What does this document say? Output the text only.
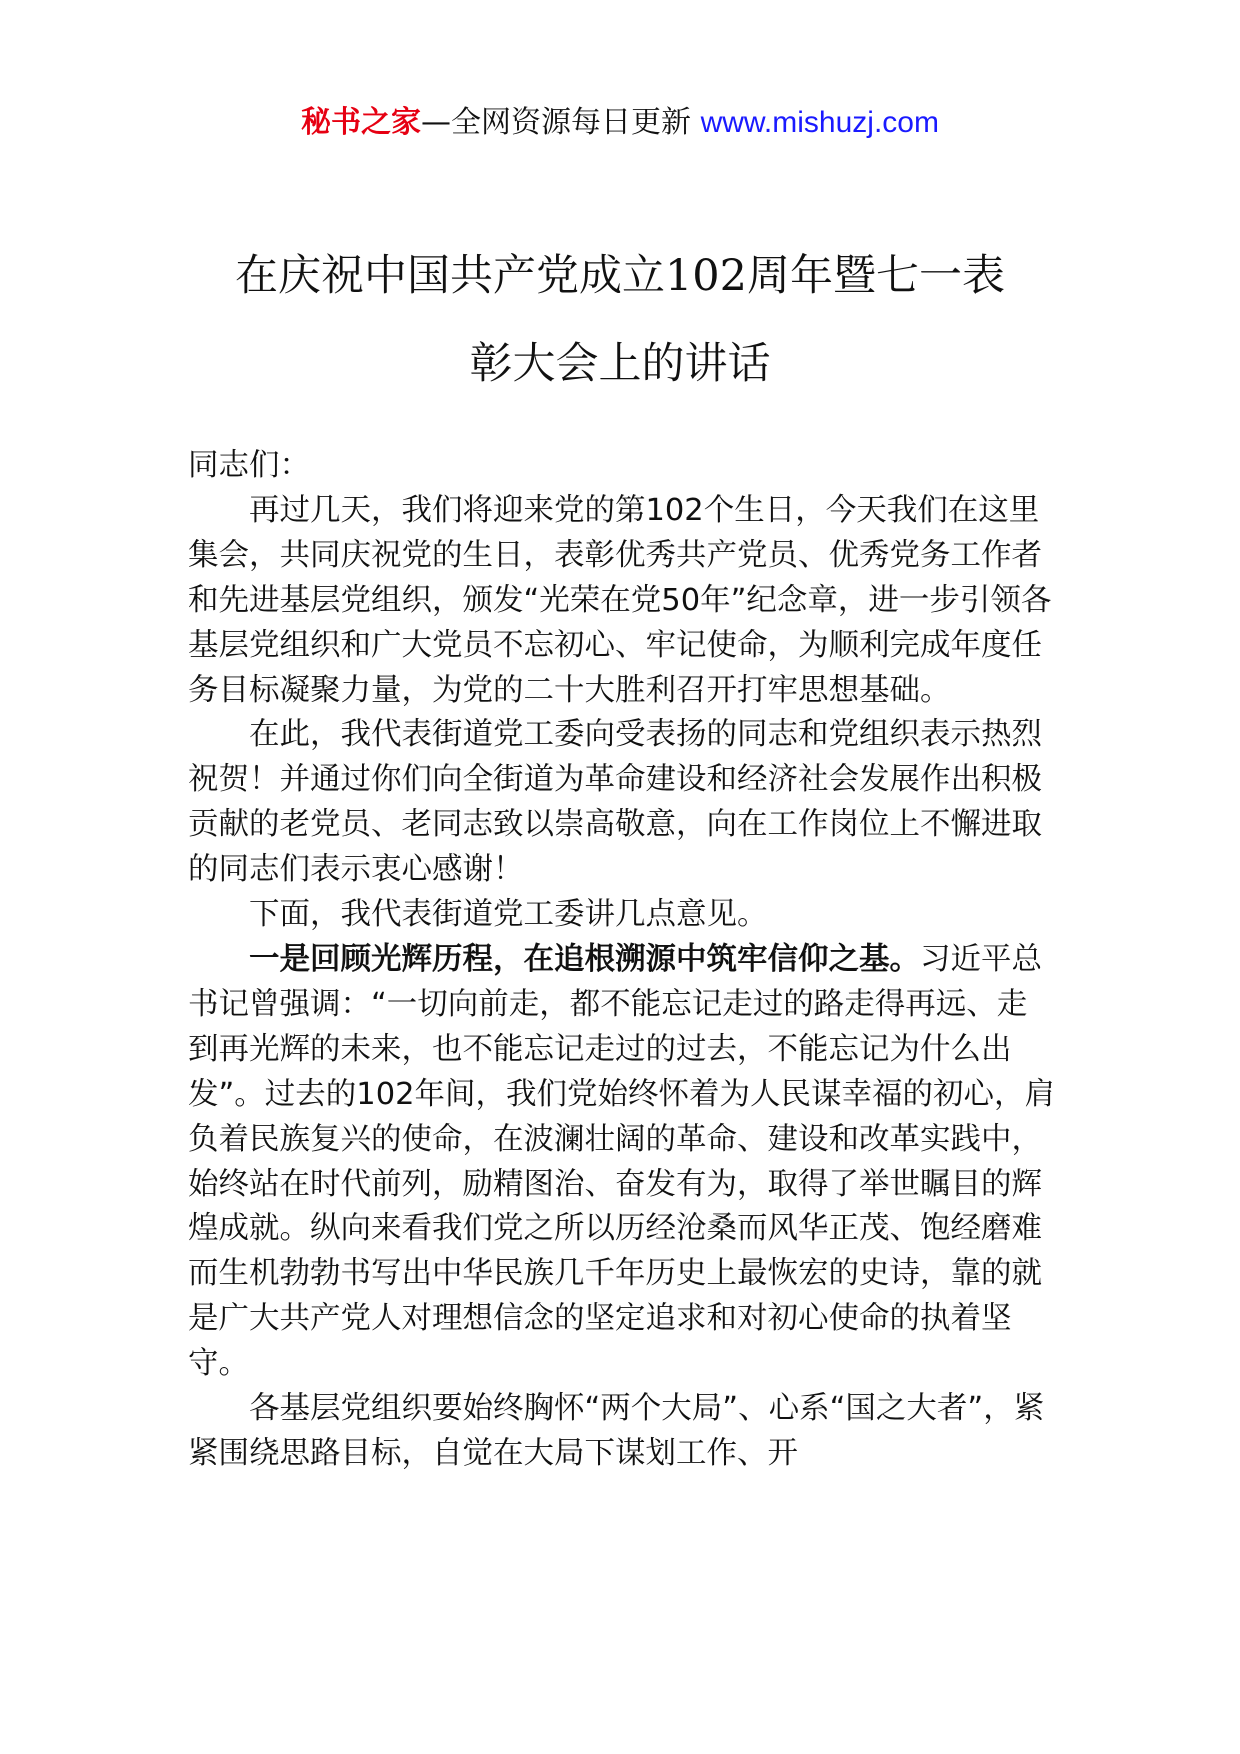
秘书之家—全网资源每日更新 www.mishuzj.com
在庆祝中国共产党成立102周年暨七一表
彰大会上的讲话

同志们：

再过几天，我们将迎来党的第102个生日，今天我们在这里集会，共同庆祝党的生日，表彰优秀共产党员、优秀党务工作者和先进基层党组织，颁发“光荣在党50年”纪念章，进一步引领各基层党组织和广大党员不忘初心、牢记使命，为顺利完成年度任务目标凝聚力量，为党的二十大胜利召开打牢思想基础。

在此，我代表街道党工委向受表扬的同志和党组织表示热烈祝贺！并通过你们向全街道为革命建设和经济社会发展作出积极贡献的老党员、老同志致以崇高敬意，向在工作岗位上不懈进取的同志们表示衷心感谢！

下面，我代表街道党工委讲几点意见。

一是回顾光辉历程，在追根溯源中筑牢信仰之基。习近平总书记曾强调：“一切向前走，都不能忘记走过的路走得再远、走到再光辉的未来，也不能忘记走过的过去，不能忘记为什么出发”。过去的102年间，我们党始终怀着为人民谋幸福的初心，肩负着民族复兴的使命，在波澜壮阔的革命、建设和改革实践中，始终站在时代前列，励精图治、奋发有为，取得了举世瞩目的辉煌成就。纵向来看我们党之所以历经沧桑而风华正茂、饱经磨难而生机勃勃书写出中华民族几千年历史上最恢宏的史诗，靠的就是广大共产党人对理想信念的坚定追求和对初心使命的执着坚守。

各基层党组织要始终胸怀“两个大局”、心系“国之大者”，紧紧围绕思路目标，自觉在大局下谋划工作、开
